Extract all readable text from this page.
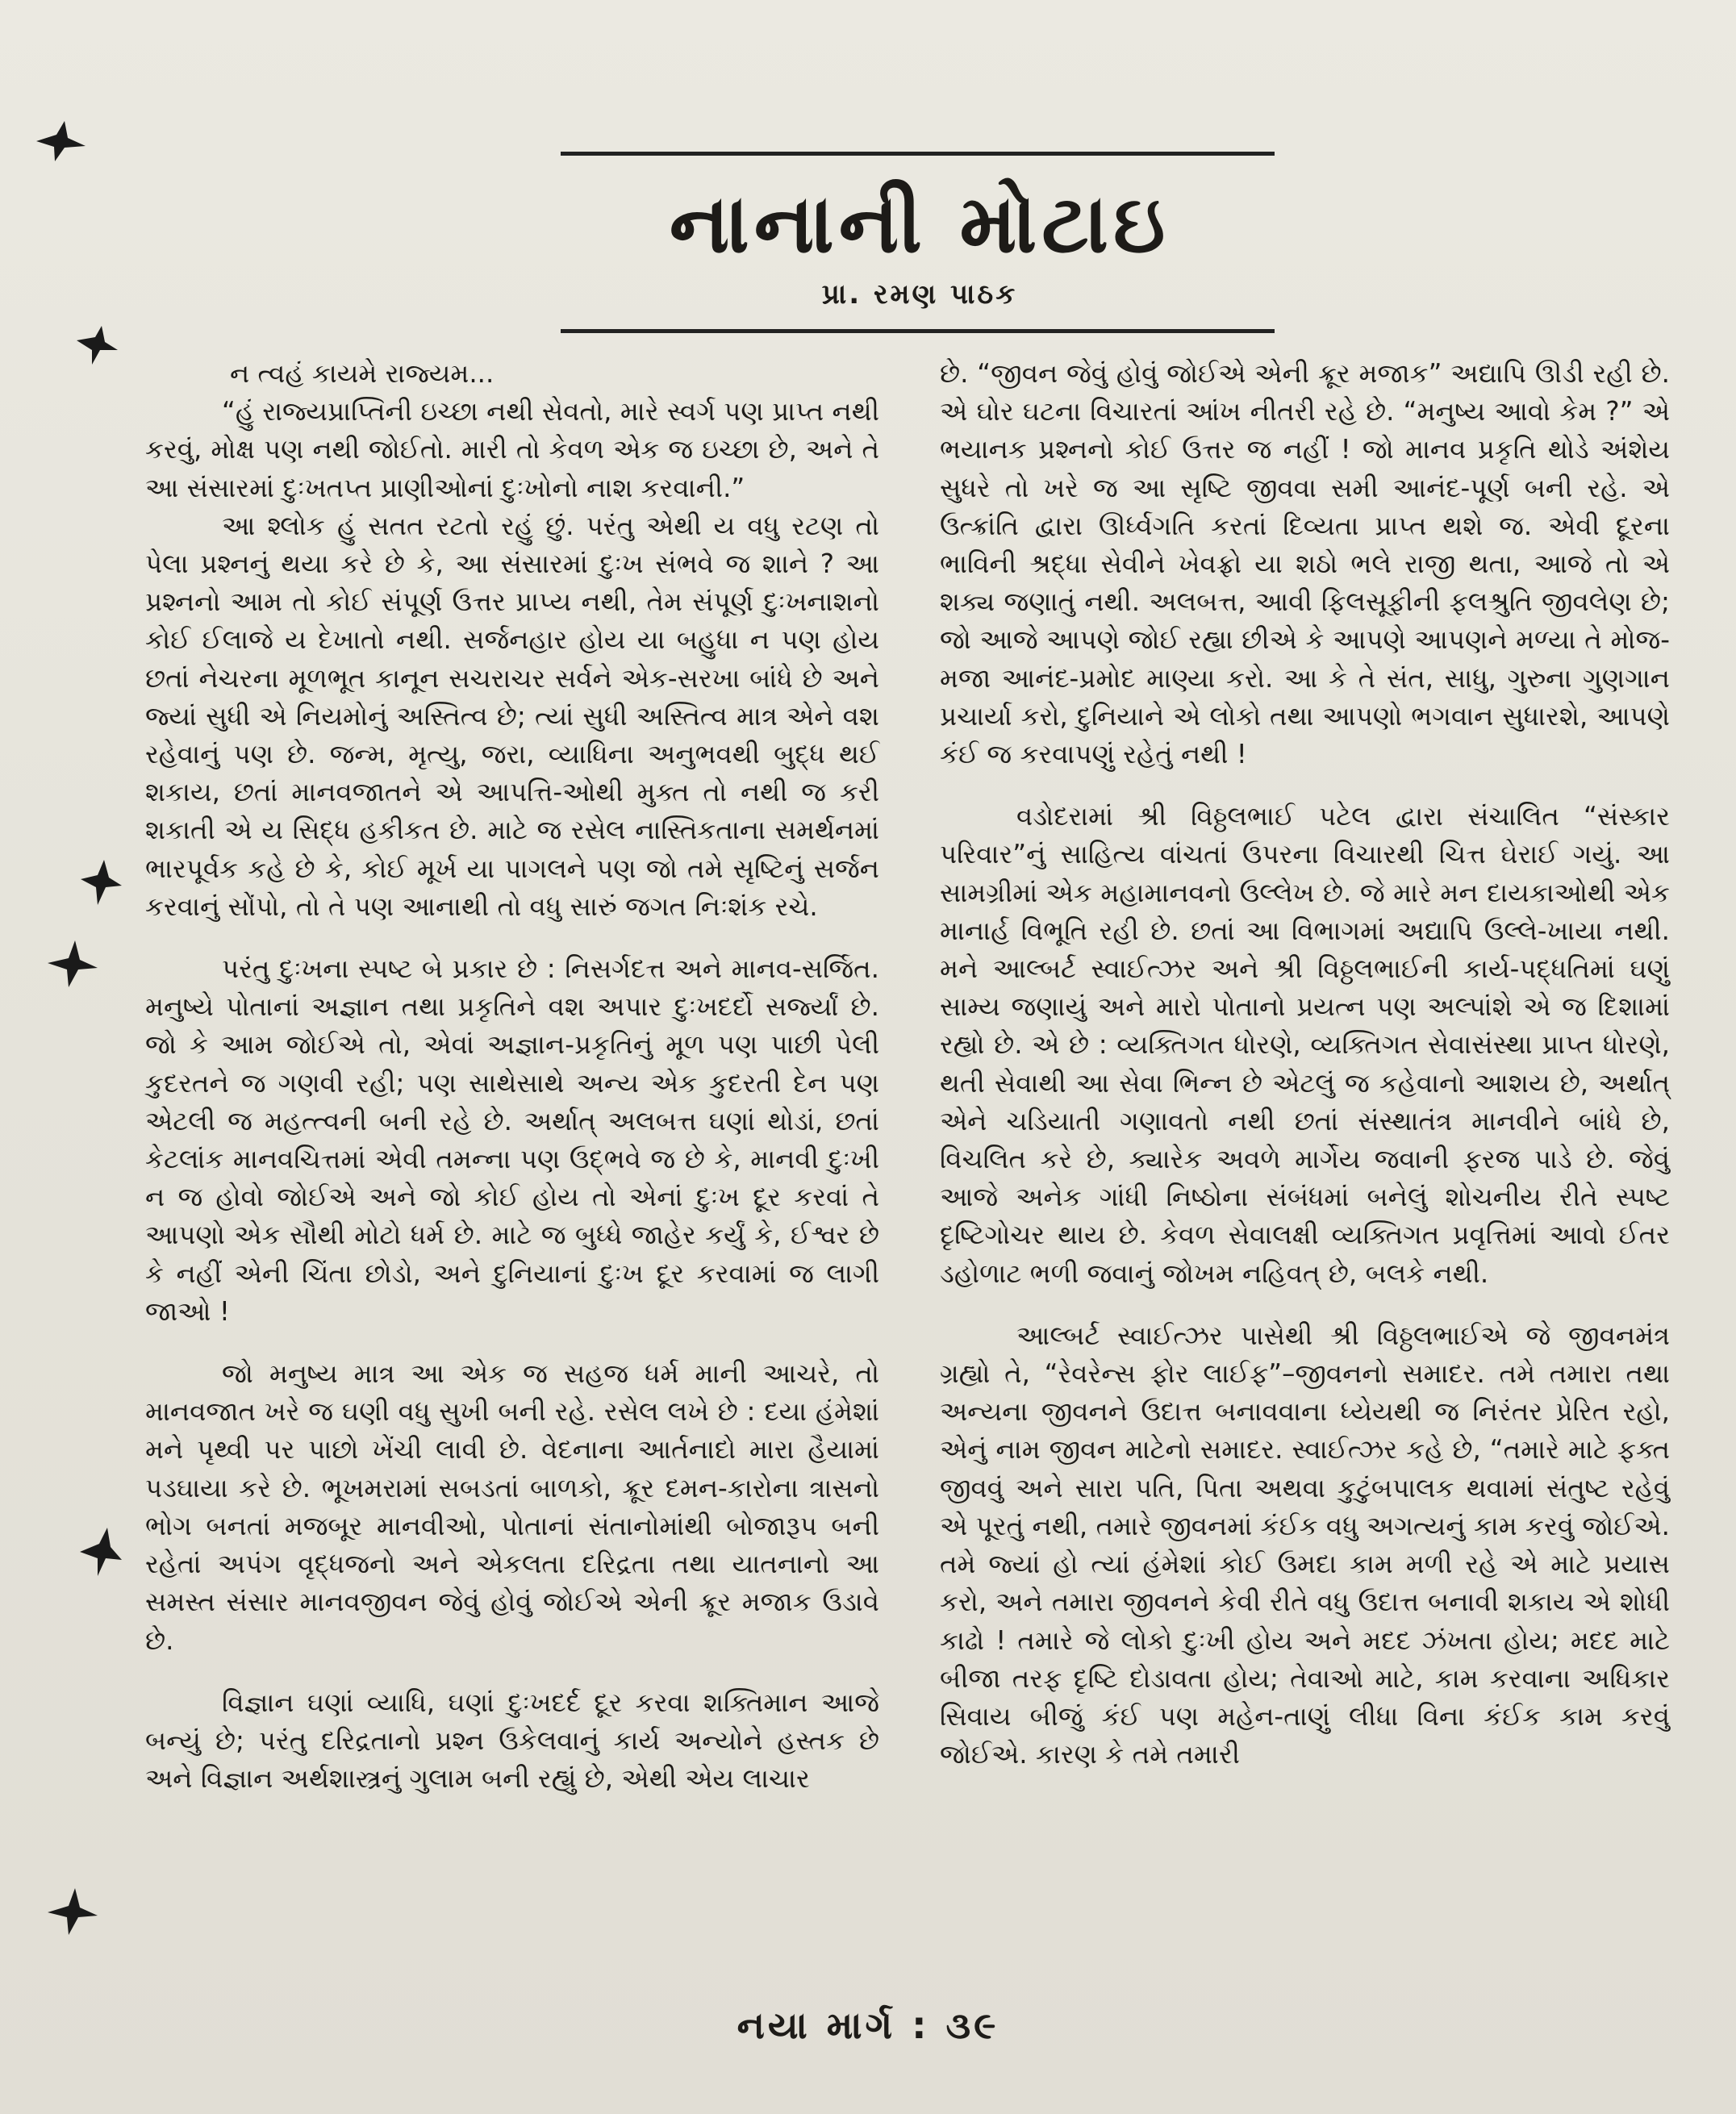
નાનાની મોટાઇ
પ્રા. રમણ પાઠક

ન ત્વહં કાયમે રાજ્યમ...

“હું રાજ્યપ્રાપ્તિની ઇચ્છા નથી સેવતો, મારે સ્વર્ગ પણ પ્રાપ્ત નથી કરવું, મોક્ષ પણ નથી જોઈતો. મારી તો કેવળ એક જ ઇચ્છા છે, અને તે આ સંસારમાં દુઃખતપ્ત પ્રાણીઓનાં દુઃખોનો નાશ કરવાની.”

આ શ્લોક હું સતત રટતો રહું છું. પરંતુ એથી ય વધુ રટણ તો પેલા પ્રશ્નનું થયા કરે છે કે, આ સંસારમાં દુઃખ સંભવે જ શાને ? આ પ્રશ્નનો આમ તો કોઈ સંપૂર્ણ ઉત્તર પ્રાપ્ય નથી, તેમ સંપૂર્ણ દુઃખનાશનો કોઈ ઈલાજે ય દેખાતો નથી. સર્જનહાર હોય યા બહુધા ન પણ હોય છતાં નેચરના મૂળભૂત કાનૂન સચરાચર સર્વને એક-સરખા બાંધે છે અને જ્યાં સુધી એ નિયમોનું અસ્તિત્વ છે; ત્યાં સુધી અસ્તિત્વ માત્ર એને વશ રહેવાનું પણ છે. જન્મ, મૃત્યુ, જરા, વ્યાધિના અનુભવથી બુદ્ધ થઈ શકાય, છતાં માનવજાતને એ આપત્તિ-ઓથી મુક્ત તો નથી જ કરી શકાતી એ ય સિદ્ધ હકીકત છે. માટે જ રસેલ નાસ્તિકતાના સમર્થનમાં ભારપૂર્વક કહે છે કે, કોઈ મૂર્ખ યા પાગલને પણ જો તમે સૃષ્ટિનું સર્જન કરવાનું સોંપો, તો તે પણ આનાથી તો વધુ સારું જગત નિઃશંક રચે.

પરંતુ દુઃખના સ્પષ્ટ બે પ્રકાર છે : નિસર્ગદત્ત અને માનવ-સર્જિત. મનુષ્યે પોતાનાં અજ્ઞાન તથા પ્રકૃતિને વશ અપાર દુઃખદર્દો સર્જ્યાં છે. જો કે આમ જોઈએ તો, એવાં અજ્ઞાન-પ્રકૃતિનું મૂળ પણ પાછી પેલી કુદરતને જ ગણવી રહી; પણ સાથેસાથે અન્ય એક કુદરતી દેન પણ એટલી જ મહત્ત્વની બની રહે છે. અર્થાત્ અલબત્ત ઘણાં થોડાં, છતાં કેટલાંક માનવચિત્તમાં એવી તમન્ના પણ ઉદ્ભવે જ છે કે, માનવી દુઃખી ન જ હોવો જોઈએ અને જો કોઈ હોય તો એનાં દુઃખ દૂર કરવાં તે આપણો એક સૌથી મોટો ધર્મ છે. માટે જ બુધ્ધે જાહેર કર્યું કે, ઈશ્વર છે કે નહીં એની ચિંતા છોડો, અને દુનિયાનાં દુઃખ દૂર કરવામાં જ લાગી જાઓ !

જો મનુષ્ય માત્ર આ એક જ સહજ ધર્મ માની આચરે, તો માનવજાત ખરે જ ઘણી વધુ સુખી બની રહે. રસેલ લખે છે : દયા હંમેશાં મને પૃથ્વી પર પાછો ખેંચી લાવી છે. વેદનાના આર્તનાદો મારા હૈયામાં પડઘાયા કરે છે. ભૂખમરામાં સબડતાં બાળકો, ક્રૂર દમન-કારોના ત્રાસનો ભોગ બનતાં મજબૂર માનવીઓ, પોતાનાં સંતાનોમાંથી બોજારૂપ બની રહેતાં અપંગ વૃદ્ધજનો અને એકલતા દરિદ્રતા તથા યાતનાનો આ સમસ્ત સંસાર માનવજીવન જેવું હોવું જોઈએ એની ક્રૂર મજાક ઉડાવે છે.

વિજ્ઞાન ઘણાં વ્યાધિ, ઘણાં દુઃખદર્દ દૂર કરવા શક્તિમાન આજે બન્યું છે; પરંતુ દરિદ્રતાનો પ્રશ્ન ઉકેલવાનું કાર્ય અન્યોને હસ્તક છે અને વિજ્ઞાન અર્થશાસ્ત્રનું ગુલામ બની રહ્યું છે, એથી એય લાચાર

છે. “જીવન જેવું હોવું જોઈએ એની ક્રૂર મજાક” અદ્યાપિ ઊડી રહી છે. એ ઘોર ઘટના વિચારતાં આંખ નીતરી રહે છે. “મનુષ્ય આવો કેમ ?” એ ભયાનક પ્રશ્નનો કોઈ ઉત્તર જ નહીં ! જો માનવ પ્રકૃતિ થોડે અંશેય સુધરે તો ખરે જ આ સૃષ્ટિ જીવવા સમી આનંદ-પૂર્ણ બની રહે. એ ઉત્ક્રાંતિ દ્વારા ઊર્ધ્વગતિ કરતાં દિવ્યતા પ્રાપ્ત થશે જ. એવી દૂરના ભાવિની શ્રદ્ધા સેવીને ખેવફ્રો યા શઠો ભલે રાજી થતા, આજે તો એ શક્ય જણાતું નથી. અલબત્ત, આવી ફિલસૂફીની ફલશ્રુતિ જીવલેણ છે; જો આજે આપણે જોઈ રહ્યા છીએ કે આપણે આપણને મળ્યા તે મોજ-મજા આનંદ-પ્રમોદ માણ્યા કરો. આ કે તે સંત, સાધુ, ગુરુના ગુણગાન પ્રચાર્યા કરો, દુનિયાને એ લોકો તથા આપણો ભગવાન સુધારશે, આપણે કંઈ જ કરવાપણું રહેતું નથી !

વડોદરામાં શ્રી વિઠ્ઠલભાઈ પટેલ દ્વારા સંચાલિત “સંસ્કાર પરિવાર”નું સાહિત્ય વાંચતાં ઉપરના વિચારથી ચિત્ત ઘેરાઈ ગયું. આ સામગ્રીમાં એક મહામાનવનો ઉલ્લેખ છે. જે મારે મન દાયકાઓથી એક માનાર્હ વિભૂતિ રહી છે. છતાં આ વિભાગમાં અદ્યાપિ ઉલ્લે-ખાયા નથી. મને આલ્બર્ટ સ્વાઈત્ઝર અને શ્રી વિઠ્ઠલભાઈની કાર્ય-પદ્ધતિમાં ઘણું સામ્ય જણાયું અને મારો પોતાનો પ્રયત્ન પણ અલ્પાંશે એ જ દિશામાં રહ્યો છે. એ છે : વ્યક્તિગત ધોરણે, વ્યક્તિગત સેવાસંસ્થા પ્રાપ્ત ધોરણે, થતી સેવાથી આ સેવા ભિન્ન છે એટલું જ કહેવાનો આશય છે, અર્થાત્ એને ચડિયાતી ગણાવતો નથી છતાં સંસ્થાતંત્ર માનવીને બાંધે છે, વિચલિત કરે છે, ક્યારેક અવળે માર્ગેય જવાની ફરજ પાડે છે. જેવું આજે અનેક ગાંધી નિષ્ઠોના સંબંધમાં બનેલું શોચનીય રીતે સ્પષ્ટ દૃષ્ટિગોચર થાય છે. કેવળ સેવાલક્ષી વ્યક્તિગત પ્રવૃત્તિમાં આવો ઈતર ડહોળાટ ભળી જવાનું જોખમ નહિવત્ છે, બલકે નથી.

આલ્બર્ટ સ્વાઈત્ઝર પાસેથી શ્રી વિઠ્ઠલભાઈએ જે જીવનમંત્ર ગ્રહ્યો તે, “રેવરેન્સ ફોર લાઈફ”–જીવનનો સમાદર. તમે તમારા તથા અન્યના જીવનને ઉદાત્ત બનાવવાના ધ્યેયથી જ નિરંતર પ્રેરિત રહો, એનું નામ જીવન માટેનો સમાદર. સ્વાઈત્ઝર કહે છે, “તમારે માટે ફક્ત જીવવું અને સારા પતિ, પિતા અથવા કુટુંબપાલક થવામાં સંતુષ્ટ રહેવું એ પૂરતું નથી, તમારે જીવનમાં કંઈક વધુ અગત્યનું કામ કરવું જોઈએ. તમે જ્યાં હો ત્યાં હંમેશાં કોઈ ઉમદા કામ મળી રહે એ માટે પ્રયાસ કરો, અને તમારા જીવનને કેવી રીતે વધુ ઉદાત્ત બનાવી શકાય એ શોધી કાઢો ! તમારે જે લોકો દુઃખી હોય અને મદદ ઝંખતા હોય; મદદ માટે બીજા તરફ દૃષ્ટિ દોડાવતા હોય; તેવાઓ માટે, કામ કરવાના અધિકાર સિવાય બીજું કંઈ પણ મહેન-તાણું લીધા વિના કંઈક કામ કરવું જોઈએ. કારણ કે તમે તમારી

નયા માર્ગ : ૩૯
